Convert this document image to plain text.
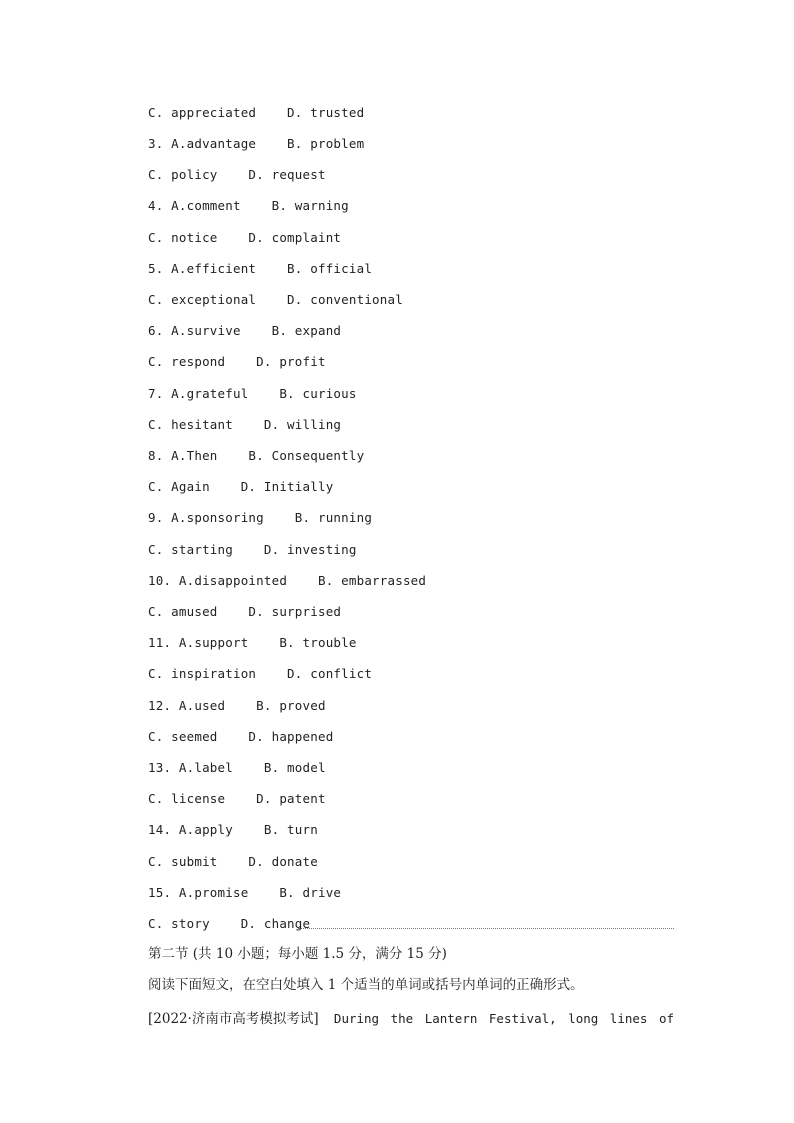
C. appreciated    D. trusted
3. A.advantage    B. problem
C. policy    D. request
4. A.comment    B. warning
C. notice    D. complaint
5. A.efficient    B. official
C. exceptional    D. conventional
6. A.survive    B. expand
C. respond    D. profit
7. A.grateful    B. curious
C. hesitant    D. willing
8. A.Then    B. Consequently
C. Again    D. Initially
9. A.sponsoring    B. running
C. starting    D. investing
10. A.disappointed    B. embarrassed
C. amused    D. surprised
11. A.support    B. trouble
C. inspiration    D. conflict
12. A.used    B. proved
C. seemed    D. happened
13. A.label    B. model
C. license    D. patent
14. A.apply    B. turn
C. submit    D. donate
15. A.promise    B. drive
C. story    D. change
第二节 (共 10 小题；每小题 1.5 分，满分 15 分)
阅读下面短文，在空白处填入 1 个适当的单词或括号内单词的正确形式。
[2022·济南市高考模拟考试] During the Lantern Festival, long lines of
